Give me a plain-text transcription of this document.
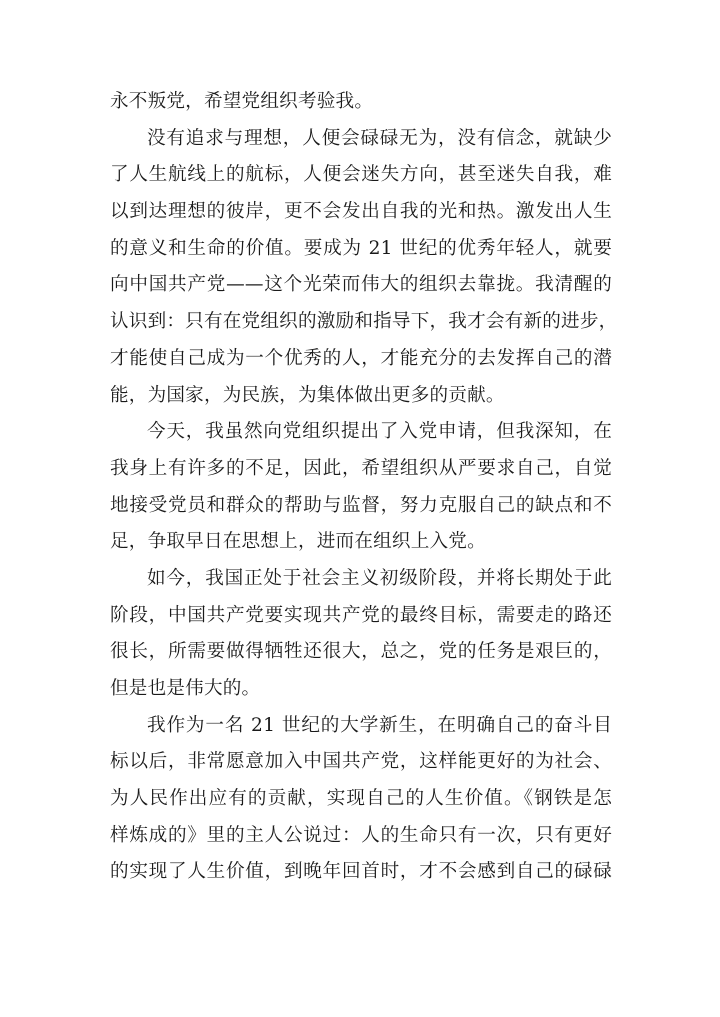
永不叛党，希望党组织考验我。
没有追求与理想，人便会碌碌无为，没有信念，就缺少
了人生航线上的航标，人便会迷失方向，甚至迷失自我，难
以到达理想的彼岸，更不会发出自我的光和热。激发出人生
的意义和生命的价值。要成为 21 世纪的优秀年轻人，就要
向中国共产党——这个光荣而伟大的组织去靠拢。我清醒的
认识到：只有在党组织的激励和指导下，我才会有新的进步，
才能使自己成为一个优秀的人，才能充分的去发挥自己的潜
能，为国家，为民族，为集体做出更多的贡献。
今天，我虽然向党组织提出了入党申请，但我深知，在
我身上有许多的不足，因此，希望组织从严要求自己，自觉
地接受党员和群众的帮助与监督，努力克服自己的缺点和不
足，争取早日在思想上，进而在组织上入党。
如今，我国正处于社会主义初级阶段，并将长期处于此
阶段，中国共产党要实现共产党的最终目标，需要走的路还
很长，所需要做得牺牲还很大，总之，党的任务是艰巨的，
但是也是伟大的。
我作为一名 21 世纪的大学新生，在明确自己的奋斗目
标以后，非常愿意加入中国共产党，这样能更好的为社会、
为人民作出应有的贡献，实现自己的人生价值。《钢铁是怎
样炼成的》里的主人公说过：人的生命只有一次，只有更好
的实现了人生价值，到晚年回首时，才不会感到自己的碌碌
